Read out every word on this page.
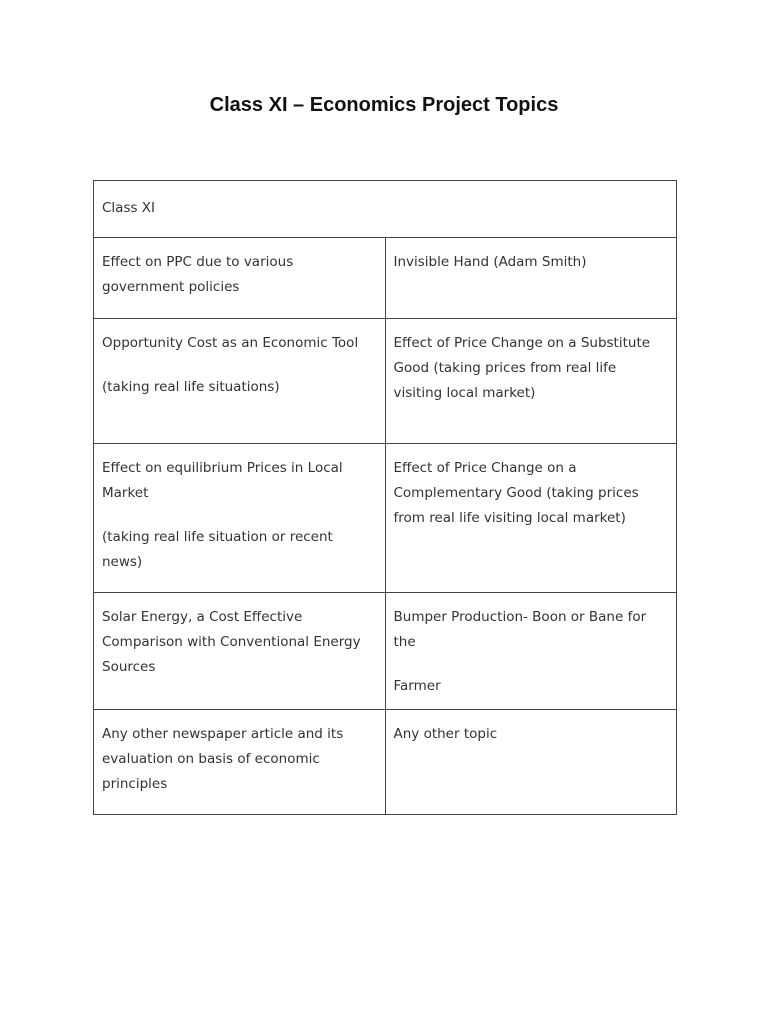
Class XI – Economics Project Topics
Class XI	

Effect on PPC due to various government policies	Invisible Hand (Adam Smith)

Opportunity Cost as an Economic Tool

(taking real life situations)	Effect of Price Change on a Substitute Good (taking prices from real life visiting local market)

Effect on equilibrium Prices in Local Market

(taking real life situation or recent news)	Effect of Price Change on a Complementary Good (taking prices from real life visiting local market)

Solar Energy, a Cost Effective Comparison with Conventional Energy Sources	Bumper Production- Boon or Bane for the

Farmer

Any other newspaper article and its evaluation on basis of economic principles	Any other topic
